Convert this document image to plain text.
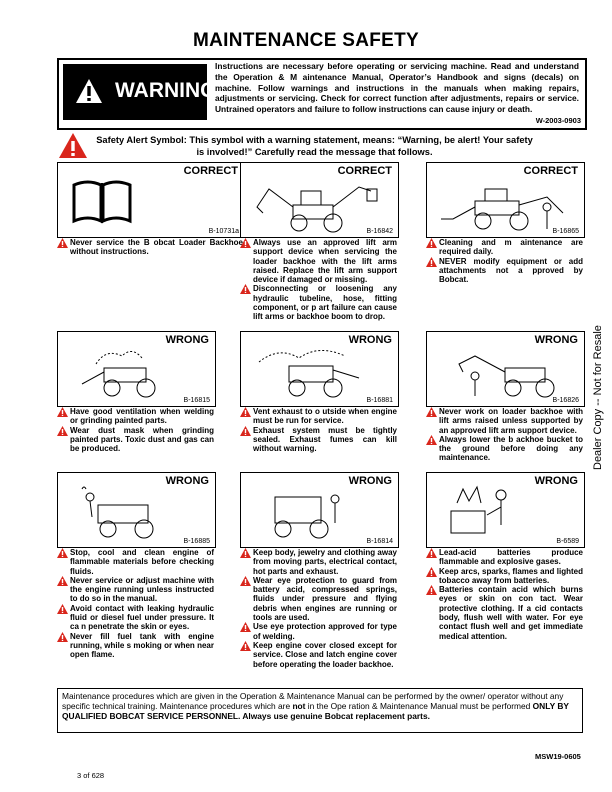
MAINTENANCE SAFETY
WARNING
Instructions are necessary before operating or servicing machine. Read and understand the Operation & M aintenance Manual, Operator’s Handbook and signs (decals) on machine. Follow warnings and instructions in the manuals when making repairs, adjustments or servicing. Check for correct function after adjustments, repairs or service. Untrained operators and failure to follow instructions can cause injury or death.
W-2003-0903
Safety Alert Symbol: This symbol with a warning statement, means: “Warning, be alert! Your safety is involved!” Carefully read the message that follows.
CORRECT
B-10731a
CORRECT
B-16842
CORRECT
B-16865
Never service the B obcat Loader Backhoe without instructions.
Always use an approved lift arm support device when servicing the loader backhoe with the lift arms raised. Replace the lift arm support device if damaged or missing.
Disconnecting or loosening any hydraulic tubeline, hose, fitting component, or p art failure can cause lift arms or backhoe boom to drop.
Cleaning and m aintenance are required daily.
NEVER modify equipment or add attachments not a pproved by Bobcat.
WRONG
B-16815
WRONG
B-16881
WRONG
B-16826
Have good ventilation when welding or grinding painted parts.
Wear dust mask when grinding painted parts. Toxic dust and gas can be produced.
Vent exhaust to o utside when engine must be run for service.
Exhaust system must be tightly sealed. Exhaust fumes can kill without warning.
Never work on loader backhoe with lift arms raised unless supported by an approved lift arm support device.
Always lower the b ackhoe bucket to the ground before doing any maintenance.
WRONG
B-16885
WRONG
B-16814
WRONG
B-6589
Stop, cool and clean engine of flammable materials before checking fluids.
Never service or adjust machine with the engine running unless instructed to do so in the manual.
Avoid contact with leaking hydraulic fluid or diesel fuel under pressure. It ca n penetrate the skin or eyes.
Never fill fuel tank with engine running, while s moking or when near open flame.
Keep body, jewelry and clothing away from moving parts, electrical contact, hot parts and exhaust.
Wear eye protection to guard from battery acid, compressed springs, fluids under pressure and flying debris when engines are running or tools are used.
Use eye protection approved for type of welding.
Keep engine cover closed except for service. Close and latch engine cover before operating the loader backhoe.
Lead-acid batteries produce flammable and explosive gases.
Keep arcs, sparks, flames and lighted tobacco away from batteries.
Batteries contain acid which burns eyes or skin on con tact. Wear protective clothing. If a cid contacts body, flush well with water. For eye contact flush well and get immediate medical attention.
Maintenance procedures which are given in the Operation & Maintenance Manual can be performed by the owner/ operator without any specific technical training. Maintenance procedures which are not in the Ope ration & Maintenance Manual must be performed ONLY BY QUALIFIED BOBCAT SERVICE PERSONNEL. Always use genuine Bobcat replacement parts.
MSW19-0605
Dealer Copy -- Not for Resale
3 of 628
